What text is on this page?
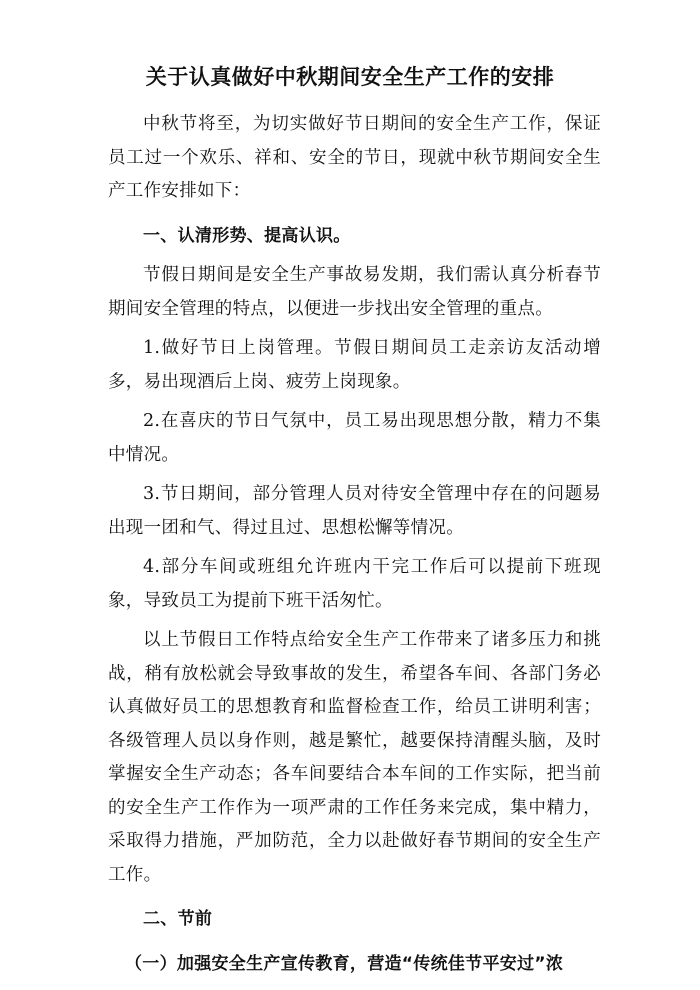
关于认真做好中秋期间安全生产工作的安排

中秋节将至，为切实做好节日期间的安全生产工作，保证员工过一个欢乐、祥和、安全的节日，现就中秋节期间安全生产工作安排如下：

一、认清形势、提高认识。

节假日期间是安全生产事故易发期，我们需认真分析春节期间安全管理的特点，以便进一步找出安全管理的重点。

1.做好节日上岗管理。节假日期间员工走亲访友活动增多，易出现酒后上岗、疲劳上岗现象。

2.在喜庆的节日气氛中，员工易出现思想分散，精力不集中情况。

3.节日期间，部分管理人员对待安全管理中存在的问题易出现一团和气、得过且过、思想松懈等情况。

4.部分车间或班组允许班内干完工作后可以提前下班现象，导致员工为提前下班干活匆忙。

以上节假日工作特点给安全生产工作带来了诸多压力和挑战，稍有放松就会导致事故的发生，希望各车间、各部门务必认真做好员工的思想教育和监督检查工作，给员工讲明利害；各级管理人员以身作则，越是繁忙，越要保持清醒头脑，及时掌握安全生产动态；各车间要结合本车间的工作实际，把当前的安全生产工作作为一项严肃的工作任务来完成，集中精力，采取得力措施，严加防范，全力以赴做好春节期间的安全生产工作。

二、节前

（一）加强安全生产宣传教育，营造“传统佳节平安过”浓
